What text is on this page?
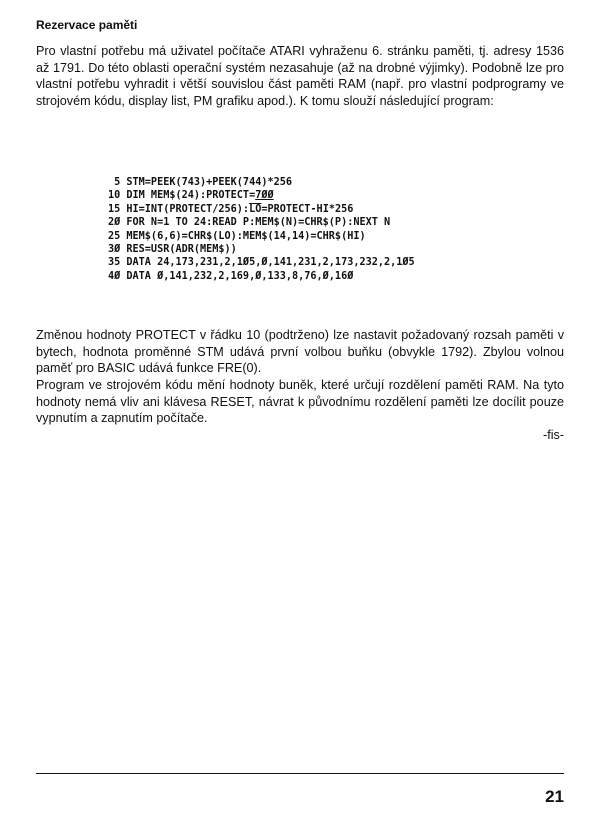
Rezervace paměti

Pro vlastní potřebu má uživatel počítače ATARI vyhraženu 6. stránku paměti, tj. adresy 1536 až 1791. Do této oblasti operační systém nezasahuje (až na drobné výjimky). Podobně lze pro vlastní potřebu vyhradit i větší souvislou část paměti RAM (např. pro vlastní podprogramy ve strojovém kódu, display list, PM grafiku apod.). K tomu slouží následující program:

5 STM=PEEK(743)+PEEK(744)*256
10 DIM MEM$(24):PROTECT=7ØØ
15 HI=INT(PROTECT/256):LO=PROTECT-HI*256
2Ø FOR N=1 TO 24:READ P:MEM$(N)=CHR$(P):NEXT N
25 MEM$(6,6)=CHR$(LO):MEM$(14,14)=CHR$(HI)
3Ø RES=USR(ADR(MEM$))
35 DATA 24,173,231,2,1Ø5,Ø,141,231,2,173,232,2,1Ø5
4Ø DATA Ø,141,232,2,169,Ø,133,8,76,Ø,16Ø

Změnou hodnoty PROTECT v řádku 10 (podtrženo) lze nastavit požadovaný rozsah paměti v bytech, hodnota proměnné STM udává první volbou buňku (obvykle 1792). Zbylou volnou paměť pro BASIC udává funkce FRE(0).

Program ve strojovém kódu mění hodnoty buněk, které určují rozdělení paměti RAM. Na tyto hodnoty nemá vliv ani klávesa RESET, návrat k původnímu rozdělení paměti lze docílit pouze vypnutím a zapnutím počítače.

-fis-

21
